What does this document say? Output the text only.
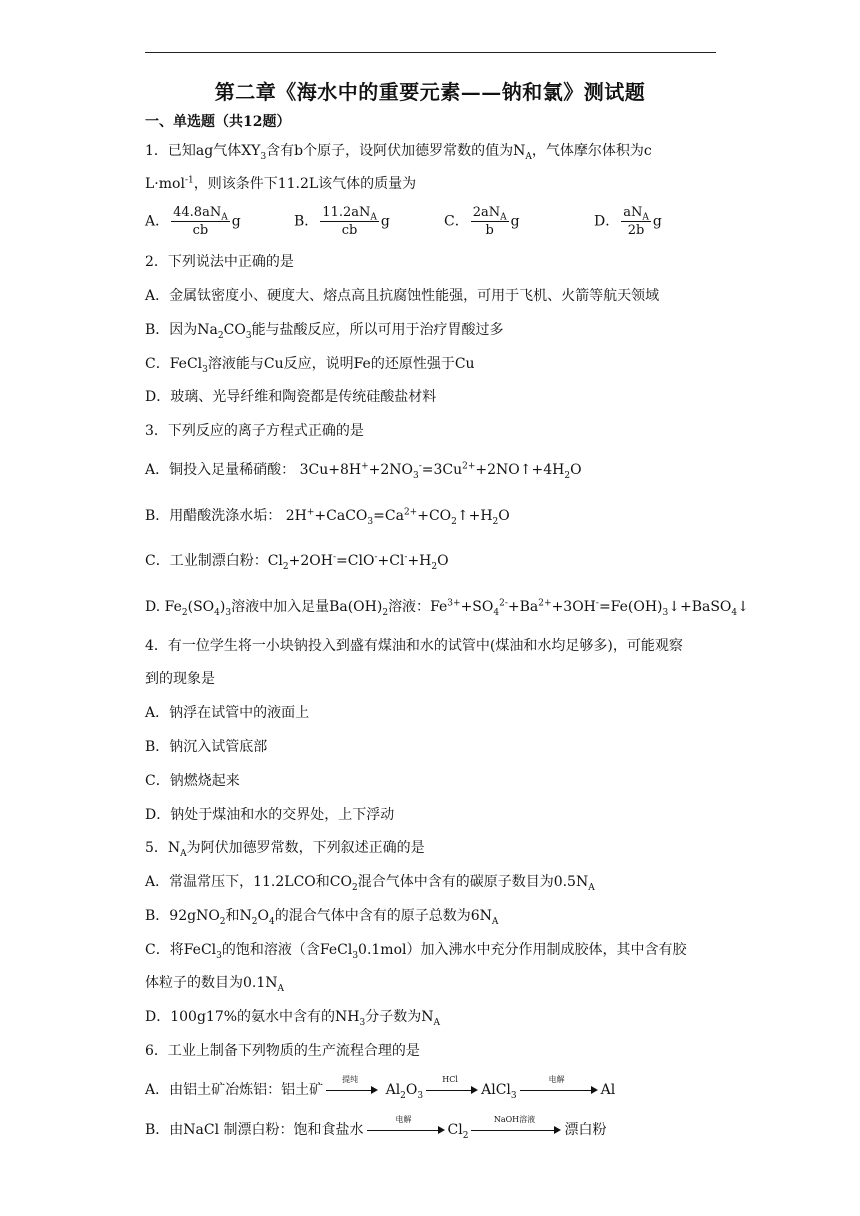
第二章《海水中的重要元素——钠和氯》测试题
一、单选题（共12题）
1．已知ag气体$XY_3$含有b个原子，设阿伏加德罗常数的值为$N_A$，气体摩尔体积为c
L·mol$^{-1}$，则该条件下11.2L该气体的质量为
A． $\frac{44.8aN_A}{cb}$ g	B． $\frac{11.2aN_A}{cb}$ g	C． $\frac{2aN_A}{b}$ g	D． $\frac{aN_A}{2b}$ g
2．下列说法中正确的是
A．金属钛密度小、硬度大、熔点高且抗腐蚀性能强，可用于飞机、火箭等航天领域
B．因为$Na_2CO_3$能与盐酸反应，所以可用于治疗胃酸过多
C．FeCl$_3$溶液能与Cu反应，说明Fe的还原性强于Cu
D．玻璃、光导纤维和陶瓷都是传统硅酸盐材料
3．下列反应的离子方程式正确的是
A．铜投入足量稀硝酸： $3Cu+8H^++2NO_3^-=3Cu^{2+}+2NO↑+4H_2O$
B．用醋酸洗涤水垢： $2H^++CaCO_3=Ca^{2+}+CO_2↑+H_2O$
C．工业制漂白粉：$Cl_2+2OH^-=ClO^-+Cl^-+H_2O$
D. $Fe_2(SO_4)_3$溶液中加入足量$Ba(OH)_2$溶液：$Fe^{3+}+SO_4^{2-}+Ba^{2+}+3OH^-=Fe(OH)_3↓+BaSO_4↓$
4．有一位学生将一小块钠投入到盛有煤油和水的试管中(煤油和水均足够多)，可能观察
到的现象是
A．钠浮在试管中的液面上
B．钠沉入试管底部
C．钠燃烧起来
D．钠处于煤油和水的交界处，上下浮动
5．$N_A$为阿伏加德罗常数，下列叙述正确的是
A．常温常压下，11.2LCO和$CO_2$混合气体中含有的碳原子数目为$0.5N_A$
B．92gNO$_2$和$N_2O_4$的混合气体中含有的原子总数为$6N_A$
C．将FeCl$_3$的饱和溶液（含FeCl$_3$0.1mol）加入沸水中充分作用制成胶体，其中含有胶
体粒子的数目为$0.1N_A$
D．100g17%的氨水中含有的$NH_3$分子数为$N_A$
6．工业上制备下列物质的生产流程合理的是
A．由铝土矿冶炼铝：铝土矿
提纯
$Al_2O_3$
HCl
AlCl$_3$
电解
Al
B．由NaCl 制漂白粉：饱和食盐水
电解
$Cl_2$
NaOH溶液
漂白粉
